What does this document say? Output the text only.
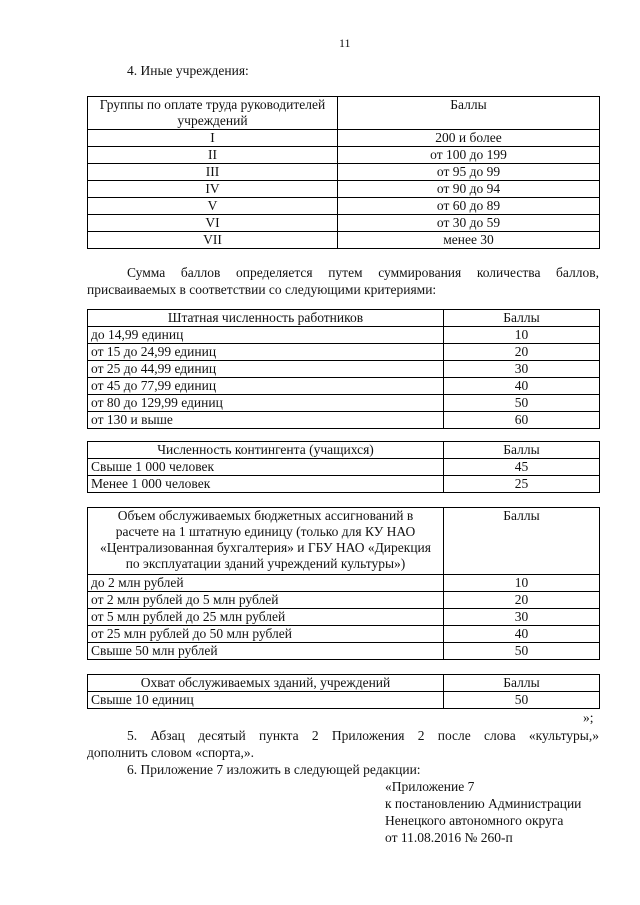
11
4. Иные учреждения:
Группы по оплате труда руководителей учреждений	Баллы
I	200 и более
II	от 100 до 199
III	от 95 до 99
IV	от 90 до 94
V	от 60 до 89
VI	от 30 до 59
VII	менее 30
Сумма баллов определяется путем суммирования количества баллов,
присваиваемых в соответствии со следующими критериями:
Штатная численность работников	Баллы
до 14,99 единиц	10
от 15 до 24,99 единиц	20
от 25 до 44,99 единиц	30
от 45 до 77,99 единиц	40
от 80 до 129,99 единиц	50
от 130 и выше	60
Численность контингента (учащихся)	Баллы
Свыше 1 000 человек	45
Менее 1 000 человек	25
Объем обслуживаемых бюджетных ассигнований в
расчете на 1 штатную единицу (только для КУ НАО
«Централизованная бухгалтерия» и ГБУ НАО «Дирекция
по эксплуатации зданий учреждений культуры»)	Баллы
до 2 млн рублей	10
от 2 млн рублей до 5 млн рублей	20
от 5 млн рублей до 25 млн рублей	30
от 25 млн рублей до 50 млн рублей	40
Свыше 50 млн рублей	50
Охват обслуживаемых зданий, учреждений	Баллы
Свыше 10 единиц	50
»;
5. Абзац десятый пункта 2 Приложения 2 после слова «культуры,»
дополнить словом «спорта,».
6. Приложение 7 изложить в следующей редакции:
«Приложение 7
к постановлению Администрации
Ненецкого автономного округа
от 11.08.2016 № 260-п
